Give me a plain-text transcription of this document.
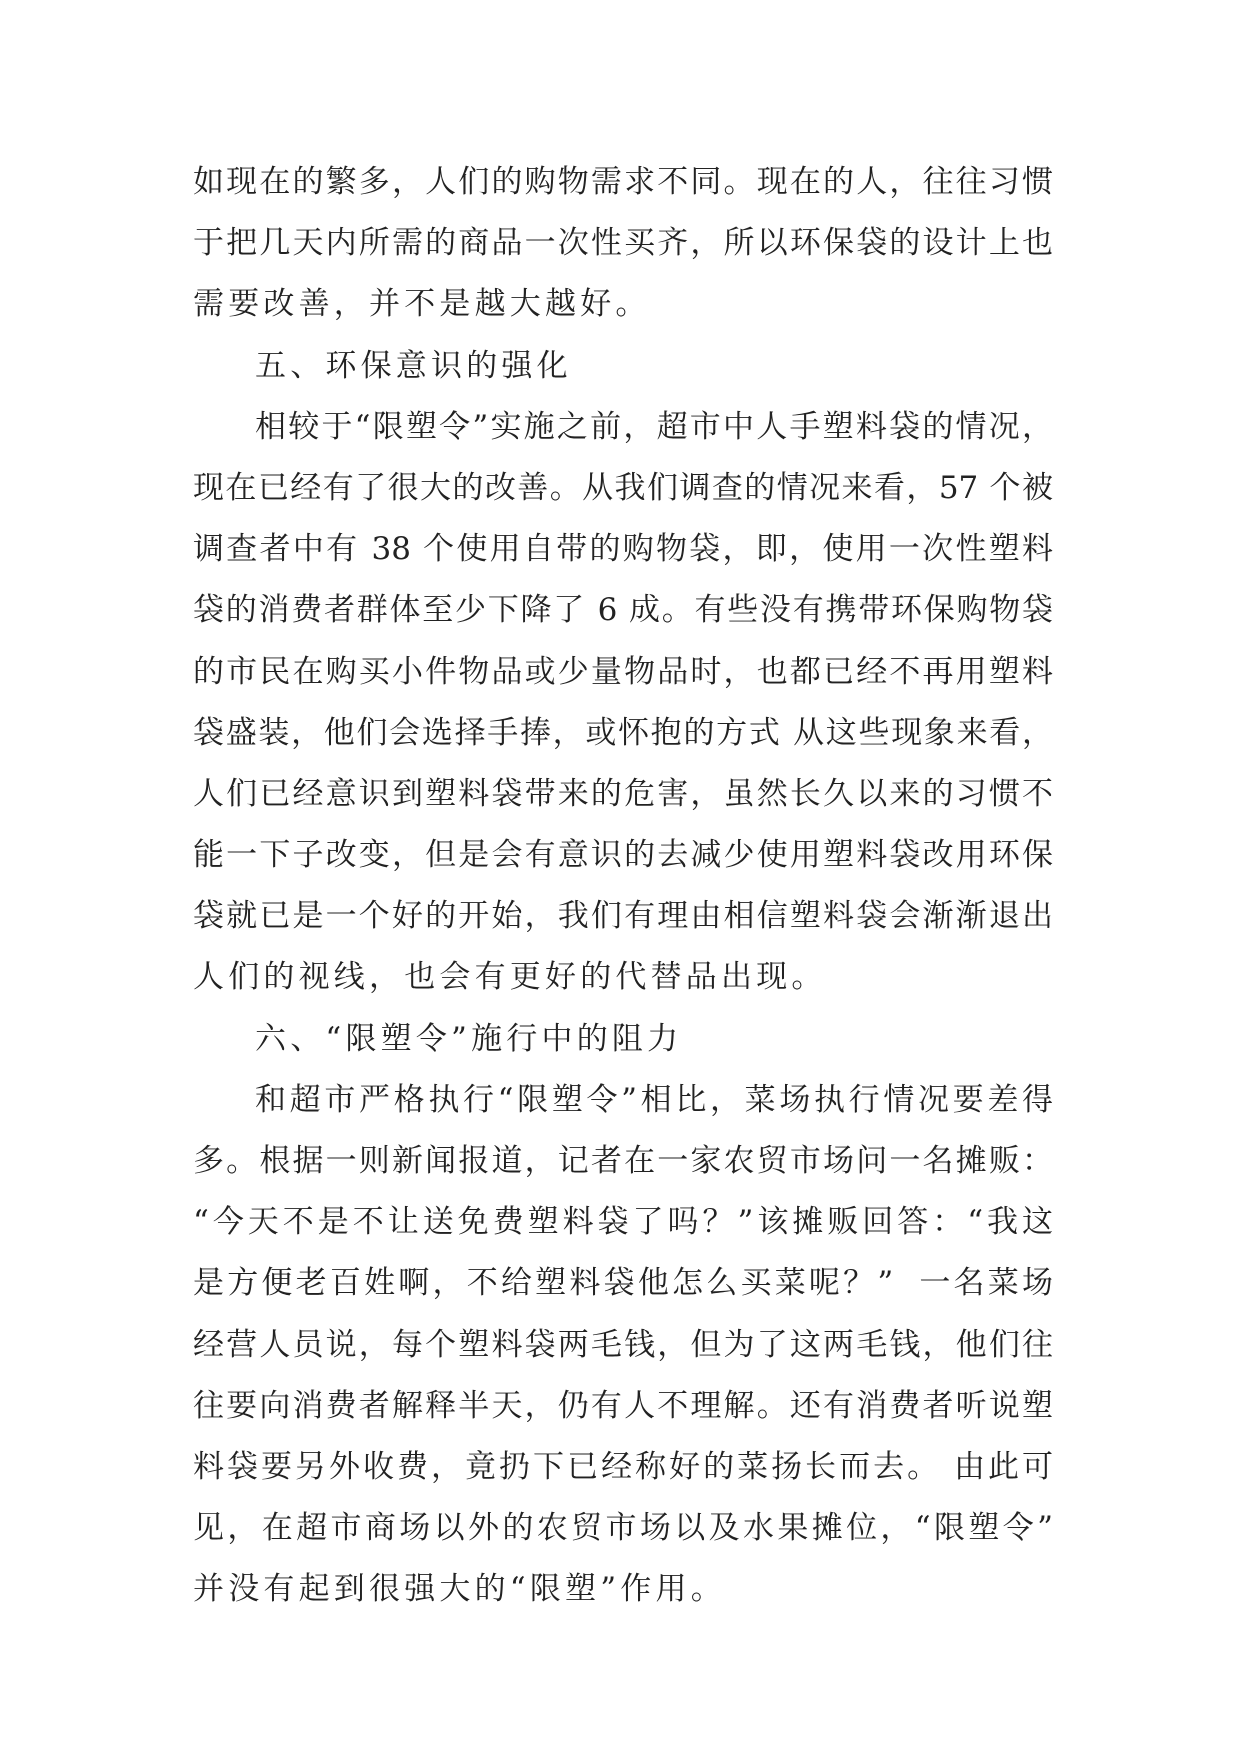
如现在的繁多，人们的购物需求不同。现在的人，往往习惯
于把几天内所需的商品一次性买齐，所以环保袋的设计上也
需要改善，并不是越大越好。
五、环保意识的强化
相较于“限塑令”实施之前，超市中人手塑料袋的情况，
现在已经有了很大的改善。从我们调查的情况来看，57 个被
调查者中有 38 个使用自带的购物袋，即，使用一次性塑料
袋的消费者群体至少下降了 6 成。有些没有携带环保购物袋
的市民在购买小件物品或少量物品时，也都已经不再用塑料
袋盛装，他们会选择手捧，或怀抱的方式 从这些现象来看，
人们已经意识到塑料袋带来的危害，虽然长久以来的习惯不
能一下子改变，但是会有意识的去减少使用塑料袋改用环保
袋就已是一个好的开始，我们有理由相信塑料袋会渐渐退出
人们的视线，也会有更好的代替品出现。
六、“限塑令”施行中的阻力
和超市严格执行“限塑令”相比，菜场执行情况要差得
多。根据一则新闻报道，记者在一家农贸市场问一名摊贩：
“今天不是不让送免费塑料袋了吗？”该摊贩回答：“我这
是方便老百姓啊，不给塑料袋他怎么买菜呢？”  一名菜场
经营人员说，每个塑料袋两毛钱，但为了这两毛钱，他们往
往要向消费者解释半天，仍有人不理解。还有消费者听说塑
料袋要另外收费，竟扔下已经称好的菜扬长而去。 由此可
见，在超市商场以外的农贸市场以及水果摊位，“限塑令”
并没有起到很强大的“限塑”作用。
